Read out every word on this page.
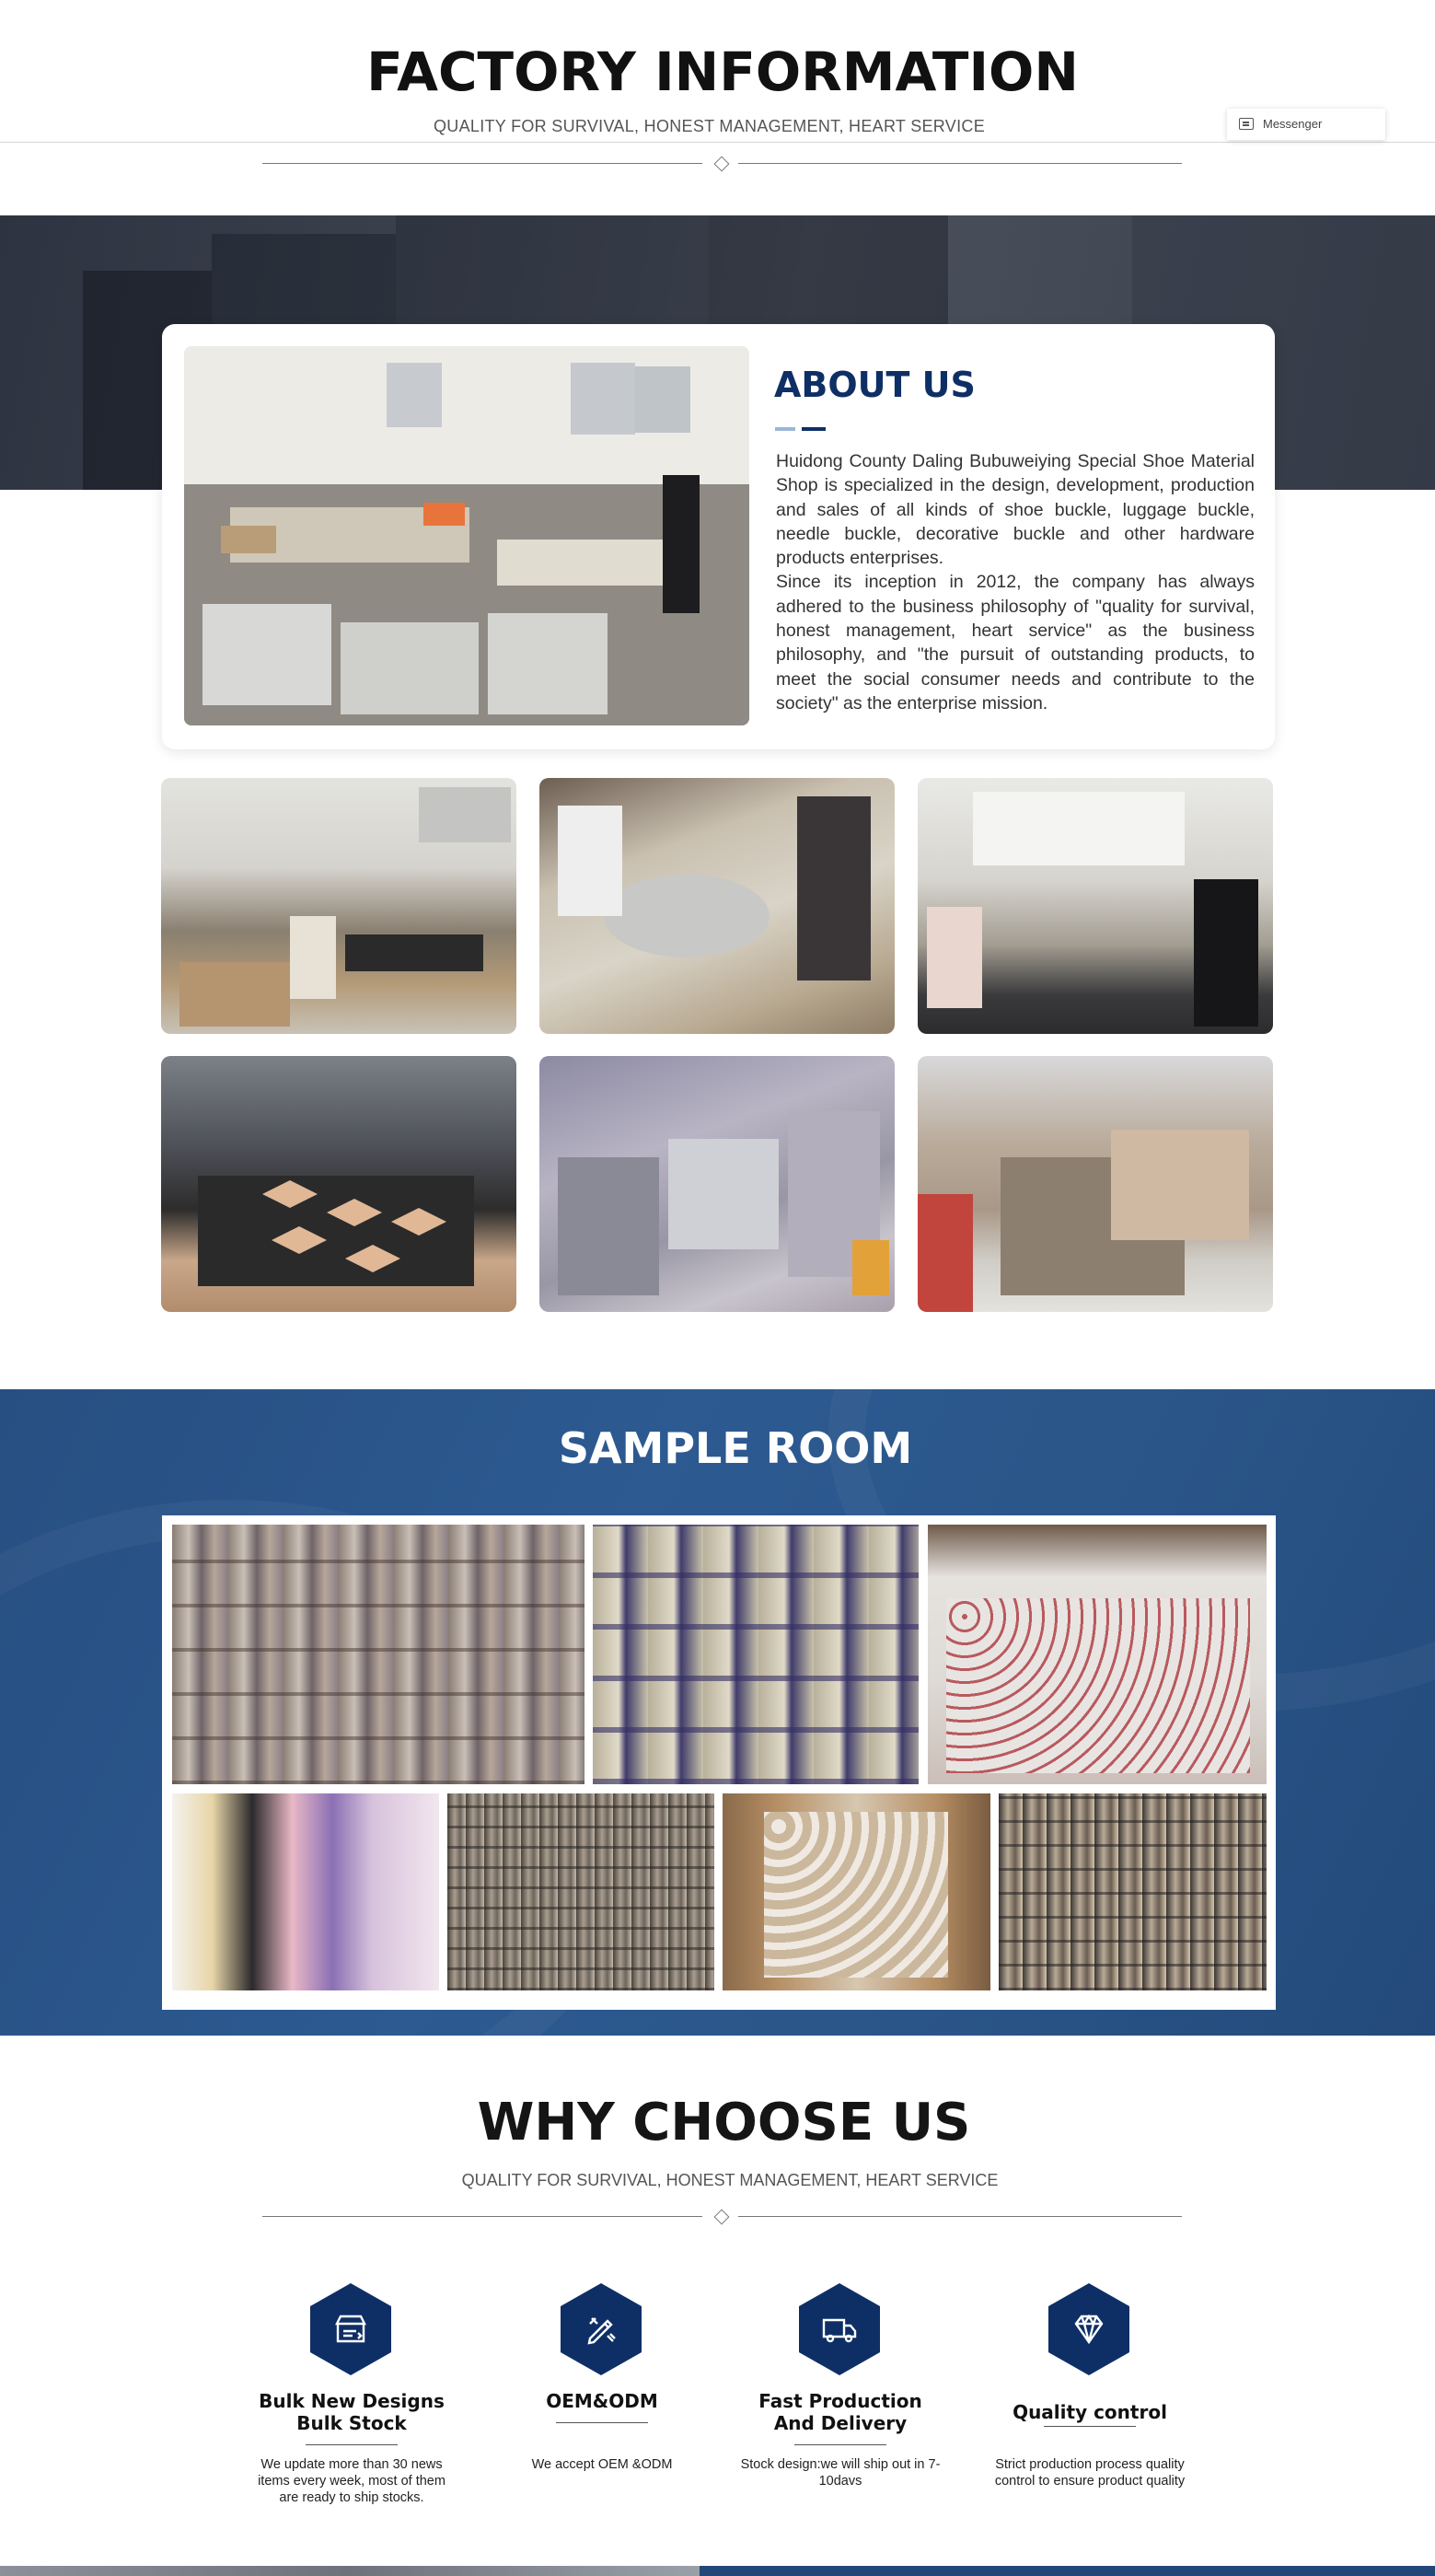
FACTORY INFORMATION
QUALITY FOR SURVIVAL, HONEST MANAGEMENT, HEART SERVICE	Messenger
ABOUT US

Huidong County Daling Bubuweiying Special Shoe Material Shop is specialized in the design, development, production and sales of all kinds of shoe buckle, luggage buckle, needle buckle, decorative buckle and other hardware products enterprises.

Since its inception in 2012, the company has always adhered to the business philosophy of "quality for survival, honest management, heart service" as the business philosophy, and "the pursuit of outstanding products, to meet the social consumer needs and contribute to the society" as the enterprise mission.

SAMPLE ROOM
WHY CHOOSE US
QUALITY FOR SURVIVAL, HONEST MANAGEMENT, HEART SERVICE
Bulk New Designs
Bulk Stock
We update more than 30 news items every week, most of them are ready to ship stocks.
OEM&ODM
We accept OEM &ODM
Fast Production
And Delivery
Stock design:we will ship out in 7-10davs
Quality control
Strict production process quality control to ensure product quality
